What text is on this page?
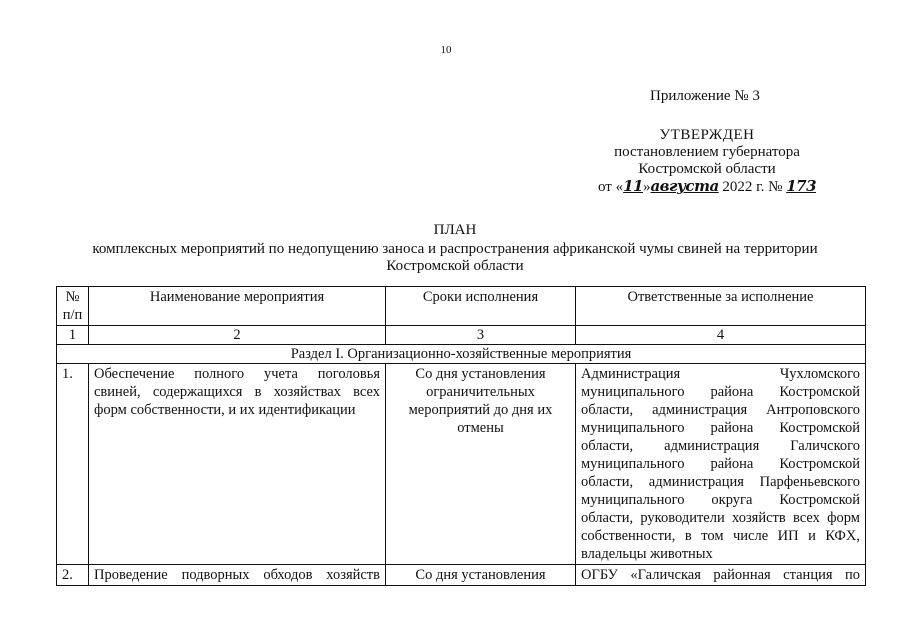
10
Приложение № 3
УТВЕРЖДЕН
постановлением губернатора
Костромской области
от «11»августа 2022 г. № 173
ПЛАН
комплексных мероприятий по недопущению заноса и распространения африканской чумы свиней на территории
Костромской области
№ п/п	Наименование мероприятия	Сроки исполнения	Ответственные за исполнение
1	2	3	4
Раздел I. Организационно-хозяйственные мероприятия			
1.	Обеспечение полного учета поголовья свиней, содержащихся в хозяйствах всех форм собственности, и их идентификации	Со дня установления ограничительных мероприятий до дня их отмены	Администрация Чухломского муниципального района Костромской области, администрация Антроповского муниципального района Костромской области, администрация Галичского муниципального района Костромской области, администрация Парфеньевского муниципального округа Костромской области, руководители хозяйств всех форм собственности, в том числе ИП и КФХ, владельцы животных
2.	Проведение подворных обходов хозяйств	Со дня установления	ОГБУ «Галичская районная станция по
